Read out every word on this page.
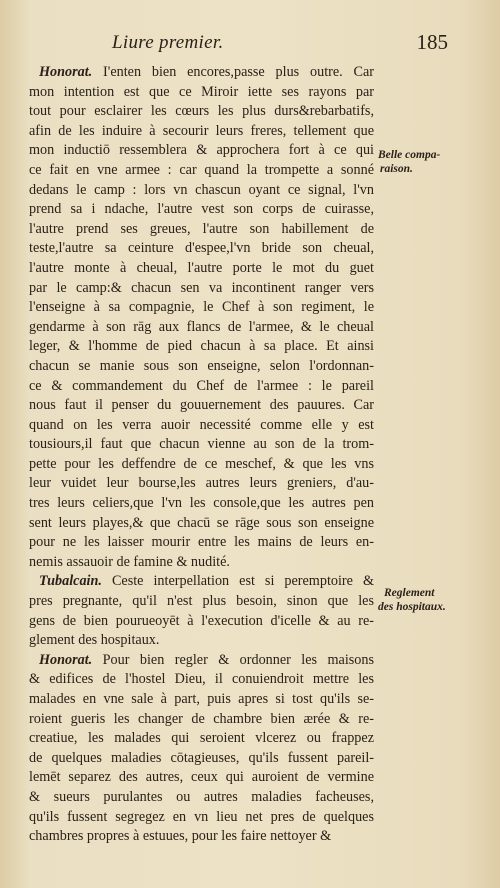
Liure premier.	185
Honorat. I'enten bien encores,passe plus outre. Car
mon intention est que ce Miroir iette ses rayons par
tout pour esclairer les cœurs les plus durs&rebarbatifs,
afin de les induire à secourir leurs freres, tellement que
mon inductiō ressemblera & approchera fort à ce qui
ce fait en vne armee : car quand la trompette a sonné
dedans le camp : lors vn chascun oyant ce signal, l'vn
prend sa i ndache, l'autre vest son corps de cuirasse,
l'autre prend ses greues, l'autre son habillement de
teste,l'autre sa ceinture d'espee,l'vn bride son cheual,
l'autre monte à cheual, l'autre porte le mot du guet
par le camp:& chacun sen va incontinent ranger vers
l'enseigne à sa compagnie, le Chef à son regiment, le
gendarme à son rāg aux flancs de l'armee, & le cheual
leger, & l'homme de pied chacun à sa place. Et ainsi
chacun se manie sous son enseigne, selon l'ordonnan-
ce & commandement du Chef de l'armee : le pareil
nous faut il penser du gouuernement des pauures. Car
quand on les verra auoir necessité comme elle y est
tousiours,il faut que chacun vienne au son de la trom-
pette pour les deffendre de ce meschef, & que les vns
leur vuidet leur bourse,les autres leurs greniers, d'au-
tres leurs celiers,que l'vn les console,que les autres pen
sent leurs playes,& que chacū se rāge sous son enseigne
pour ne les laisser mourir entre les mains de leurs en-
nemis assauoir de famine & nudité.
Tubalcain. Ceste interpellation est si peremptoire &
pres pregnante, qu'il n'est plus besoin, sinon que les
gens de bien pourueoyēt à l'execution d'icelle & au re-
glement des hospitaux.
Honorat. Pour bien regler & ordonner les maisons
& edifices de l'hostel Dieu, il conuiendroit mettre les
malades en vne sale à part, puis apres si tost qu'ils se-
roient gueris les changer de chambre bien ærée & re-
creatiue, les malades qui seroient vlcerez ou frappez
de quelques maladies cōtagieuses, qu'ils fussent pareil-
lemēt separez des autres, ceux qui auroient de vermine
& sueurs purulantes ou autres maladies facheuses,
qu'ils fussent segregez en vn lieu net pres de quelques
chambres propres à estuues, pour les faire nettoyer &
Belle compa-
raison.
Reglement
des hospitaux.
